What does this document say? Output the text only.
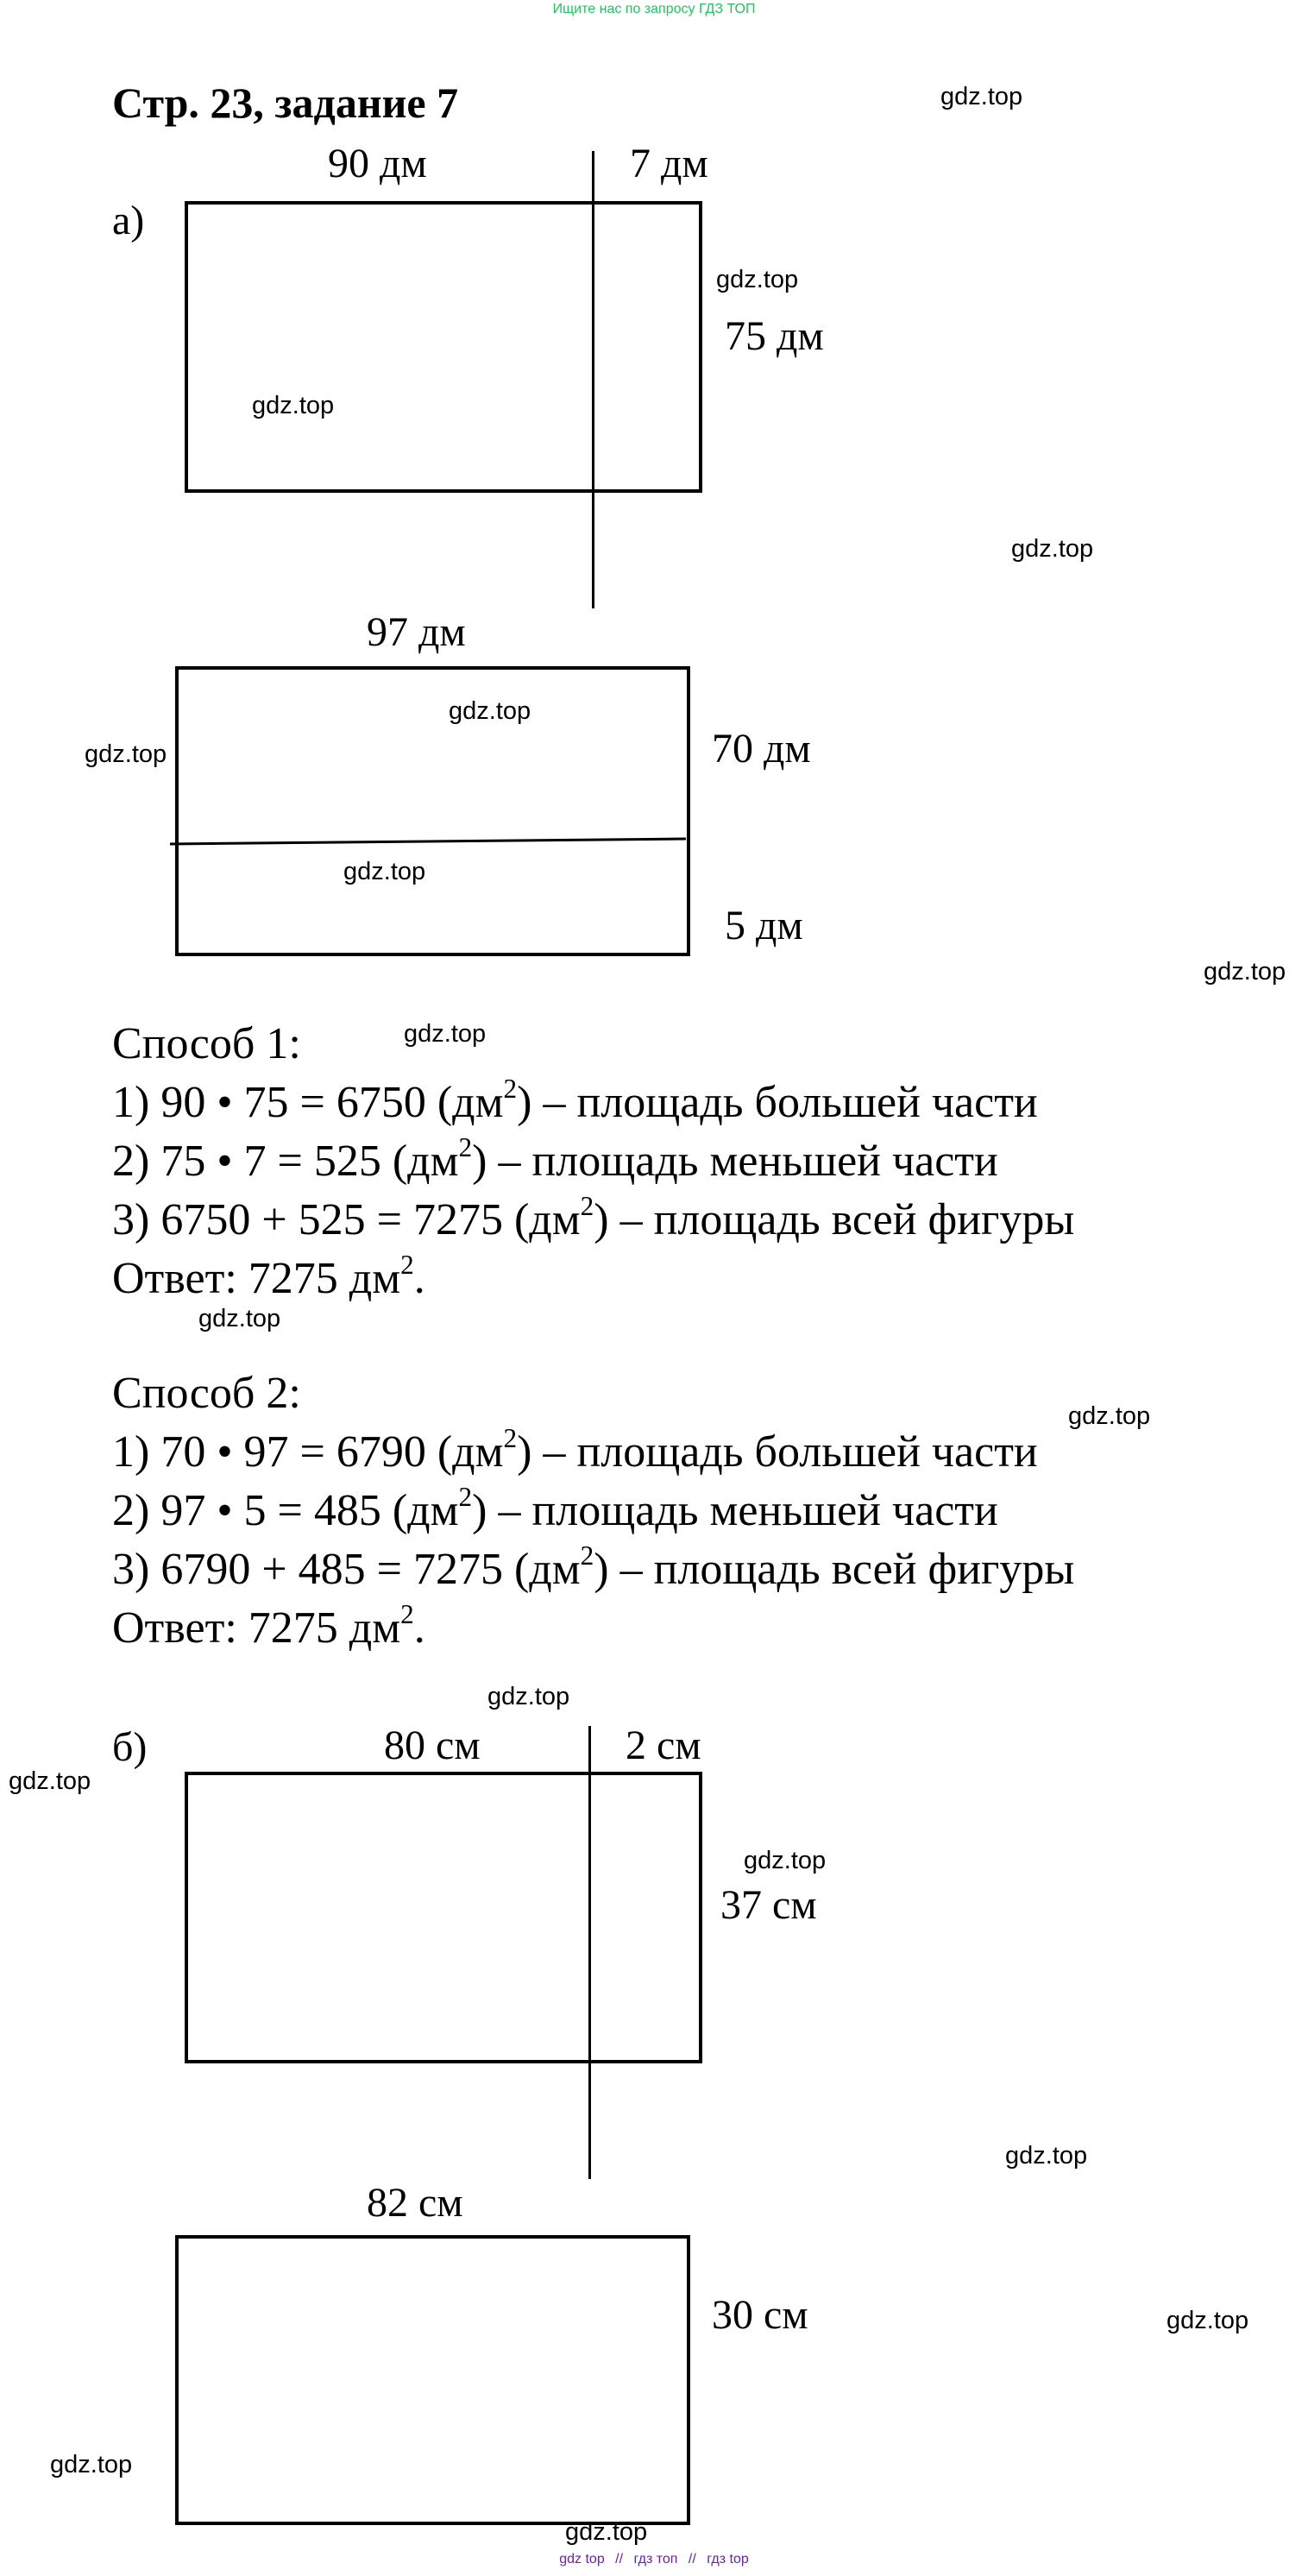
Ищите нас по запросу ГДЗ ТОП
Стр. 23, задание 7
а)
90 дм	7 дм
75 дм
97 дм
70 дм
5 дм
Способ 1:
1) 90 • 75 = 6750 $(дм^2)$ – площадь большей части
2) 75 • 7 = 525 $(дм^2)$ – площадь меньшей части
3) 6750 + 525 = 7275 $(дм^2)$ – площадь всей фигуры
Ответ: 7275 $дм^2$.
Способ 2:
1) 70 • 97 = 6790 $(дм^2)$ – площадь большей части
2) 97 • 5 = 485 $(дм^2)$ – площадь меньшей части
3) 6790 + 485 = 7275 $(дм^2)$ – площадь всей фигуры
Ответ: 7275 $дм^2$.
б)	80 см	2 см
37 см
82 см
30 см
gdz.top
gdz.top
gdz.top
gdz.top
gdz.top
gdz.top
gdz.top
gdz.top
gdz.top
gdz.top
gdz.top
gdz.top
gdz.top
gdz.top
gdz.top
gdz.top
gdz.top
gdz.top
gdz top // гдз топ // гдз top
